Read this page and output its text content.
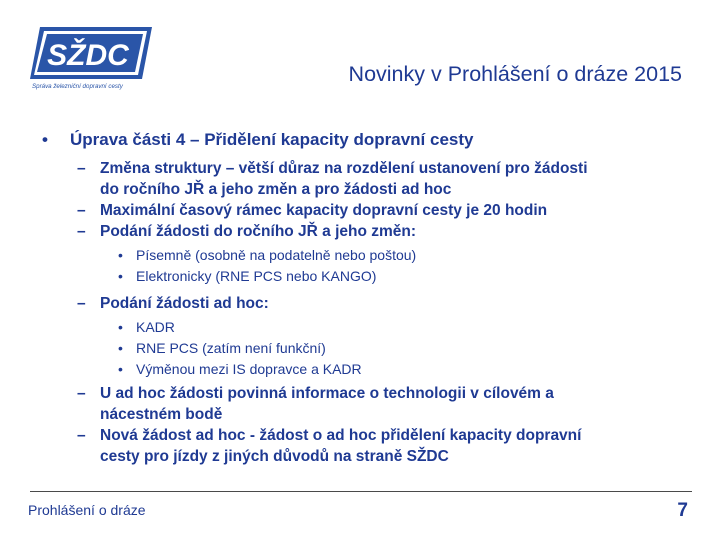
SŽDC
Správa železniční dopravní cesty
Novinky v Prohlášení o dráze 2015
• Úprava části 4 – Přidělení kapacity dopravní cesty
– Změna struktury – větší důraz na rozdělení ustanovení pro žádosti
do ročního JŘ a jeho změn a pro žádosti ad hoc
– Maximální časový rámec kapacity dopravní cesty je 20 hodin
– Podání žádosti do ročního JŘ a jeho změn:
• Písemně (osobně na podatelně nebo poštou)
• Elektronicky (RNE PCS nebo KANGO)
– Podání žádosti ad hoc:
• KADR
• RNE PCS (zatím není funkční)
• Výměnou mezi IS dopravce a KADR
– U ad hoc žádosti povinná informace o technologii v cílovém a
nácestném bodě
– Nová žádost ad hoc - žádost o ad hoc přidělení kapacity dopravní
cesty pro jízdy z jiných důvodů na straně SŽDC
Prohlášení o dráze	7
